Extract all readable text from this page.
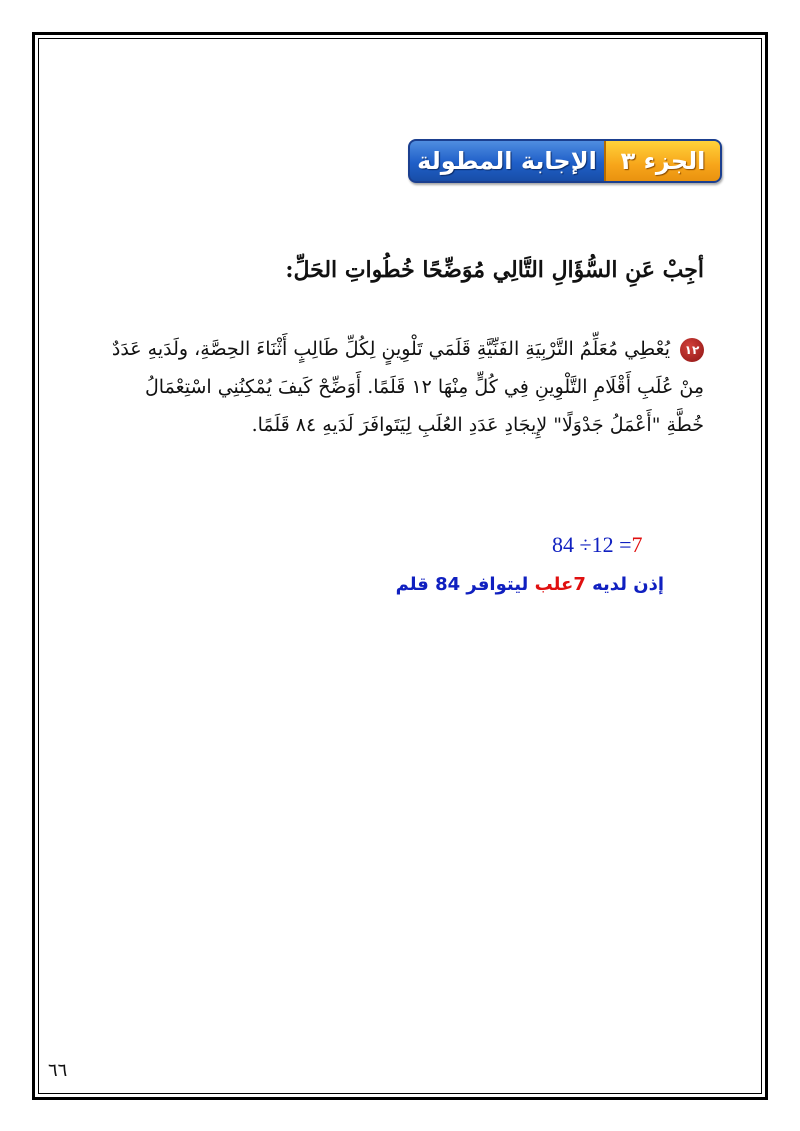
الجزء ٣
الإجابة المطولة
أجِبْ عَنِ السُّؤَالِ التَّالِي مُوَضِّحًا خُطُواتِ الحَلِّ:
١٢يُعْطِي مُعَلِّمُ التَّرْبِيَةِ الفَنِّيَّةِ قَلَمَي تَلْوِينٍ لِكُلِّ طَالِبٍ أَثْنَاءَ الحِصَّةِ، ولَدَيهِ عَدَدٌ مِنْ عُلَبِ أَقْلَامِ التَّلْوِينِ فِي كُلٍّ مِنْهَا ١٢ قَلَمًا. أَوَضِّحْ كَيفَ يُمْكِنُنِي اسْتِعْمَالُ خُطَّةِ "أَعْمَلُ جَدْوَلًا" لإِيجَادِ عَدَدِ العُلَبِ لِيَتَوافَرَ لَدَيهِ ٨٤ قَلَمًا.
84 ÷12 =7
إذن لديه 7علب ليتوافر 84 قلم
٦٦
